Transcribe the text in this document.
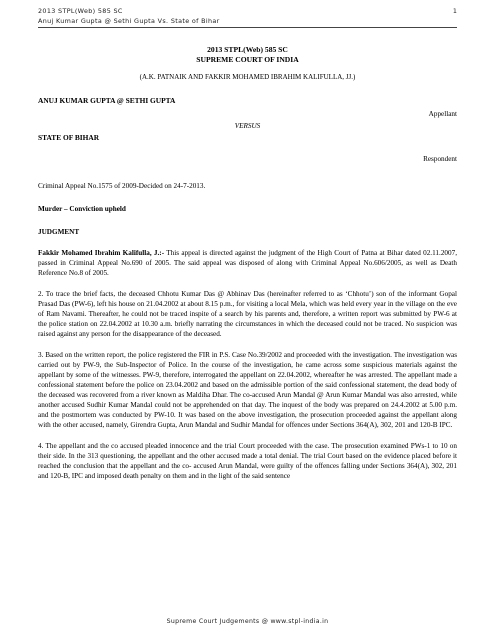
2013 STPL(Web) 585 SC
Anuj Kumar Gupta @ Sethi Gupta Vs. State of Bihar
1
2013 STPL(Web) 585 SC
SUPREME COURT OF INDIA
(A.K. PATNAIK AND FAKKIR MOHAMED IBRAHIM KALIFULLA, JJ.)
ANUJ KUMAR GUPTA @ SETHI GUPTA
Appellant
VERSUS
STATE OF BIHAR
Respondent

Criminal Appeal No.1575 of 2009-Decided on 24-7-2013.

Murder – Conviction upheld

JUDGMENT

Fakkir Mohamed Ibrahim Kalifulla, J.:- This appeal is directed against the judgment of the High Court of Patna at Bihar dated 02.11.2007, passed in Criminal Appeal No.690 of 2005. The said appeal was disposed of along with Criminal Appeal No.606/2005, as well as Death Reference No.8 of 2005.

2. To trace the brief facts, the deceased Chhotu Kumar Das @ Abhinav Das (hereinafter referred to as ‘Chhotu’) son of the informant Gopal Prasad Das (PW-6), left his house on 21.04.2002 at about 8.15 p.m., for visiting a local Mela, which was held every year in the village on the eve of Ram Navami. Thereafter, he could not be traced inspite of a search by his parents and, therefore, a written report was submitted by PW-6 at the police station on 22.04.2002 at 10.30 a.m. briefly narrating the circumstances in which the deceased could not be traced. No suspicion was raised against any person for the disappearance of the deceased.

3. Based on the written report, the police registered the FIR in P.S. Case No.39/2002 and proceeded with the investigation. The investigation was carried out by PW-9, the Sub-Inspector of Police. In the course of the investigation, he came across some suspicious materials against the appellant by some of the witnesses. PW-9, therefore, interrogated the appellant on 22.04.2002, whereafter he was arrested. The appellant made a confessional statement before the police on 23.04.2002 and based on the admissible portion of the said confessional statement, the dead body of the deceased was recovered from a river known as Maldiha Dhar. The co-accused Arun Mandal @ Arun Kumar Mandal was also arrested, while another accused Sudhir Kumar Mandal could not be apprehended on that day. The inquest of the body was prepared on 24.4.2002 at 5.00 p.m. and the postmortem was conducted by PW-10. It was based on the above investigation, the prosecution proceeded against the appellant along with the other accused, namely, Girendra Gupta, Arun Mandal and Sudhir Mandal for offences under Sections 364(A), 302, 201 and 120-B IPC.

4. The appellant and the co accused pleaded innocence and the trial Court proceeded with the case. The prosecution examined PWs-1 to 10 on their side. In the 313 questioning, the appellant and the other accused made a total denial. The trial Court based on the evidence placed before it reached the conclusion that the appellant and the co- accused Arun Mandal, were guilty of the offences falling under Sections 364(A), 302, 201 and 120-B, IPC and imposed death penalty on them and in the light of the said sentence

Supreme Court Judgements @ www.stpl-india.in
